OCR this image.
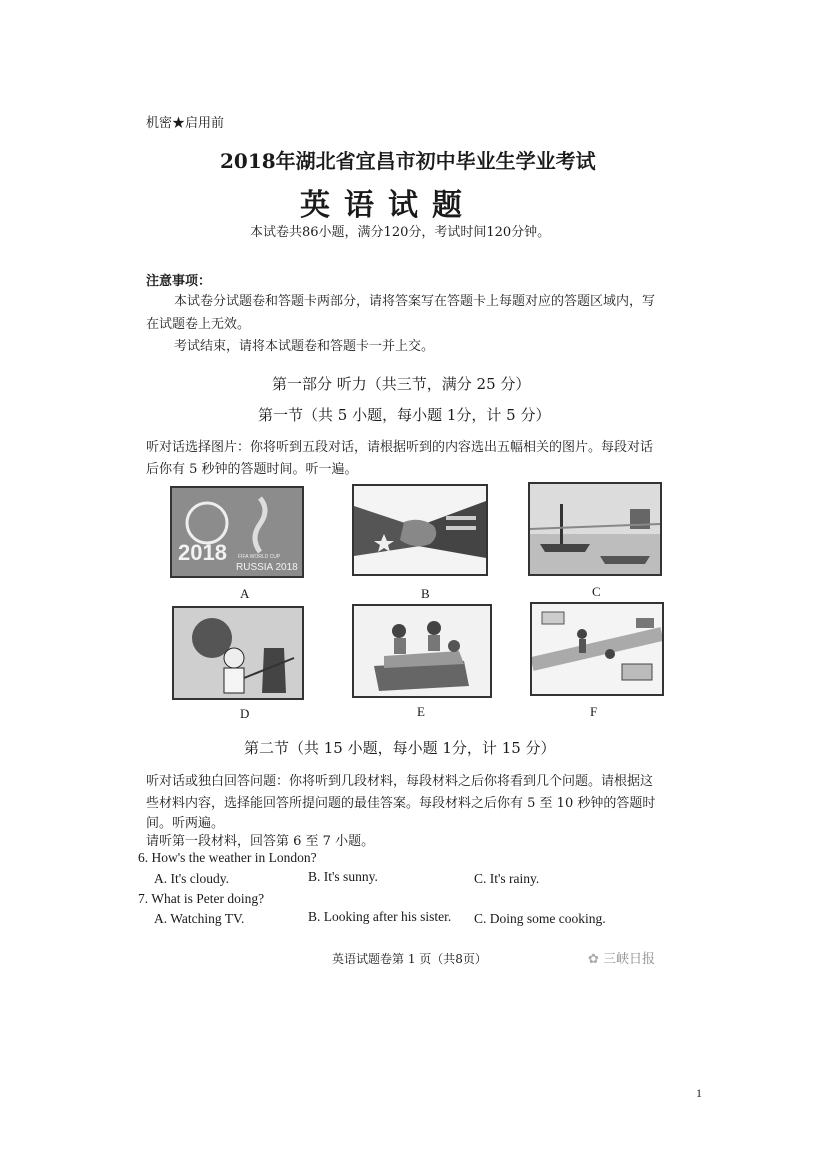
机密★启用前
2018年湖北省宜昌市初中毕业生学业考试
英语试题
本试卷共86小题，满分120分，考试时间120分钟。
注意事项：
本试卷分试题卷和答题卡两部分，请将答案写在答题卡上每题对应的答题区域内，写
在试题卷上无效。
考试结束，请将本试题卷和答题卡一并上交。
第一部分 听力（共三节，满分 25 分）
第一节（共 5 小题，每小题 1分，计 5 分）
听对话选择图片：你将听到五段对话，请根据听到的内容选出五幅相关的图片。每段对话
后你有 5 秒钟的答题时间。听一遍。
2018 FIFA WORLD CUP
RUSSIA 2018
A	B	C
D	E	F
第二节（共 15 小题，每小题 1分，计 15 分）
听对话或独白回答问题：你将听到几段材料，每段材料之后你将看到几个问题。请根据这
些材料内容，选择能回答所提问题的最佳答案。每段材料之后你有 5 至 10 秒钟的答题时
间。听两遍。
请听第一段材料，回答第 6 至 7 小题。
6. How's the weather in London?
A. It's cloudy.	B. It's sunny.	C. It's rainy.
7. What is Peter doing?
A. Watching TV.	B. Looking after his sister. C. Doing some cooking.
英语试题卷第 1 页（共8页）	✿ 三峡日报
1
